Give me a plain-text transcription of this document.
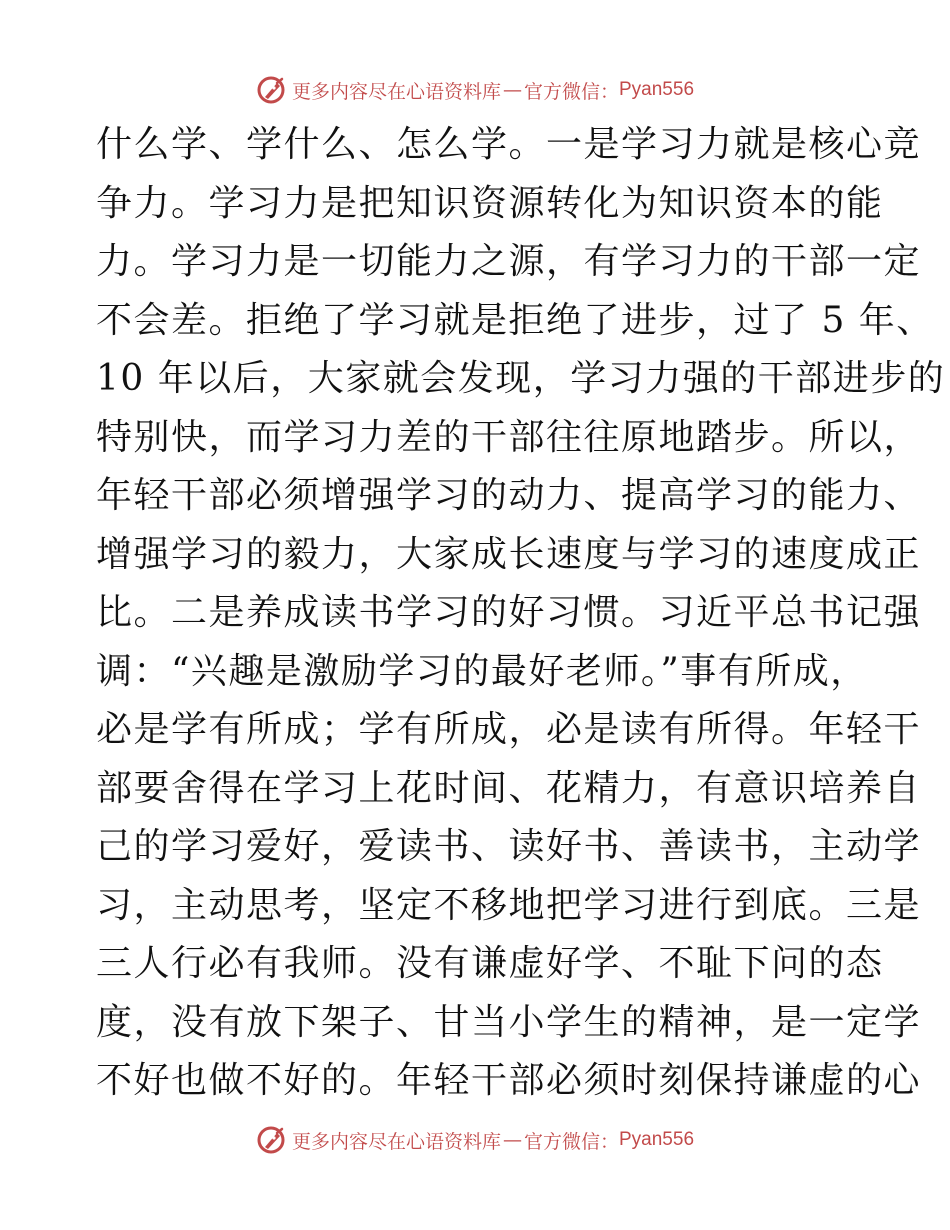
更多内容尽在心语资料库 — 官方微信： Pyan556
什么学、学什么、怎么学。一是学习力就是核心竞
争力。学习力是把知识资源转化为知识资本的能
力。学习力是一切能力之源，有学习力的干部一定
不会差。拒绝了学习就是拒绝了进步，过了 5 年、
10 年以后，大家就会发现，学习力强的干部进步的
特别快，而学习力差的干部往往原地踏步。所以，
年轻干部必须增强学习的动力、提高学习的能力、
增强学习的毅力，大家成长速度与学习的速度成正
比。二是养成读书学习的好习惯。习近平总书记强
调：“兴趣是激励学习的最好老师。”事有所成，
必是学有所成；学有所成，必是读有所得。年轻干
部要舍得在学习上花时间、花精力，有意识培养自
己的学习爱好，爱读书、读好书、善读书，主动学
习，主动思考，坚定不移地把学习进行到底。三是
三人行必有我师。没有谦虚好学、不耻下问的态
度，没有放下架子、甘当小学生的精神，是一定学
不好也做不好的。年轻干部必须时刻保持谦虚的心
更多内容尽在心语资料库 — 官方微信： Pyan556
